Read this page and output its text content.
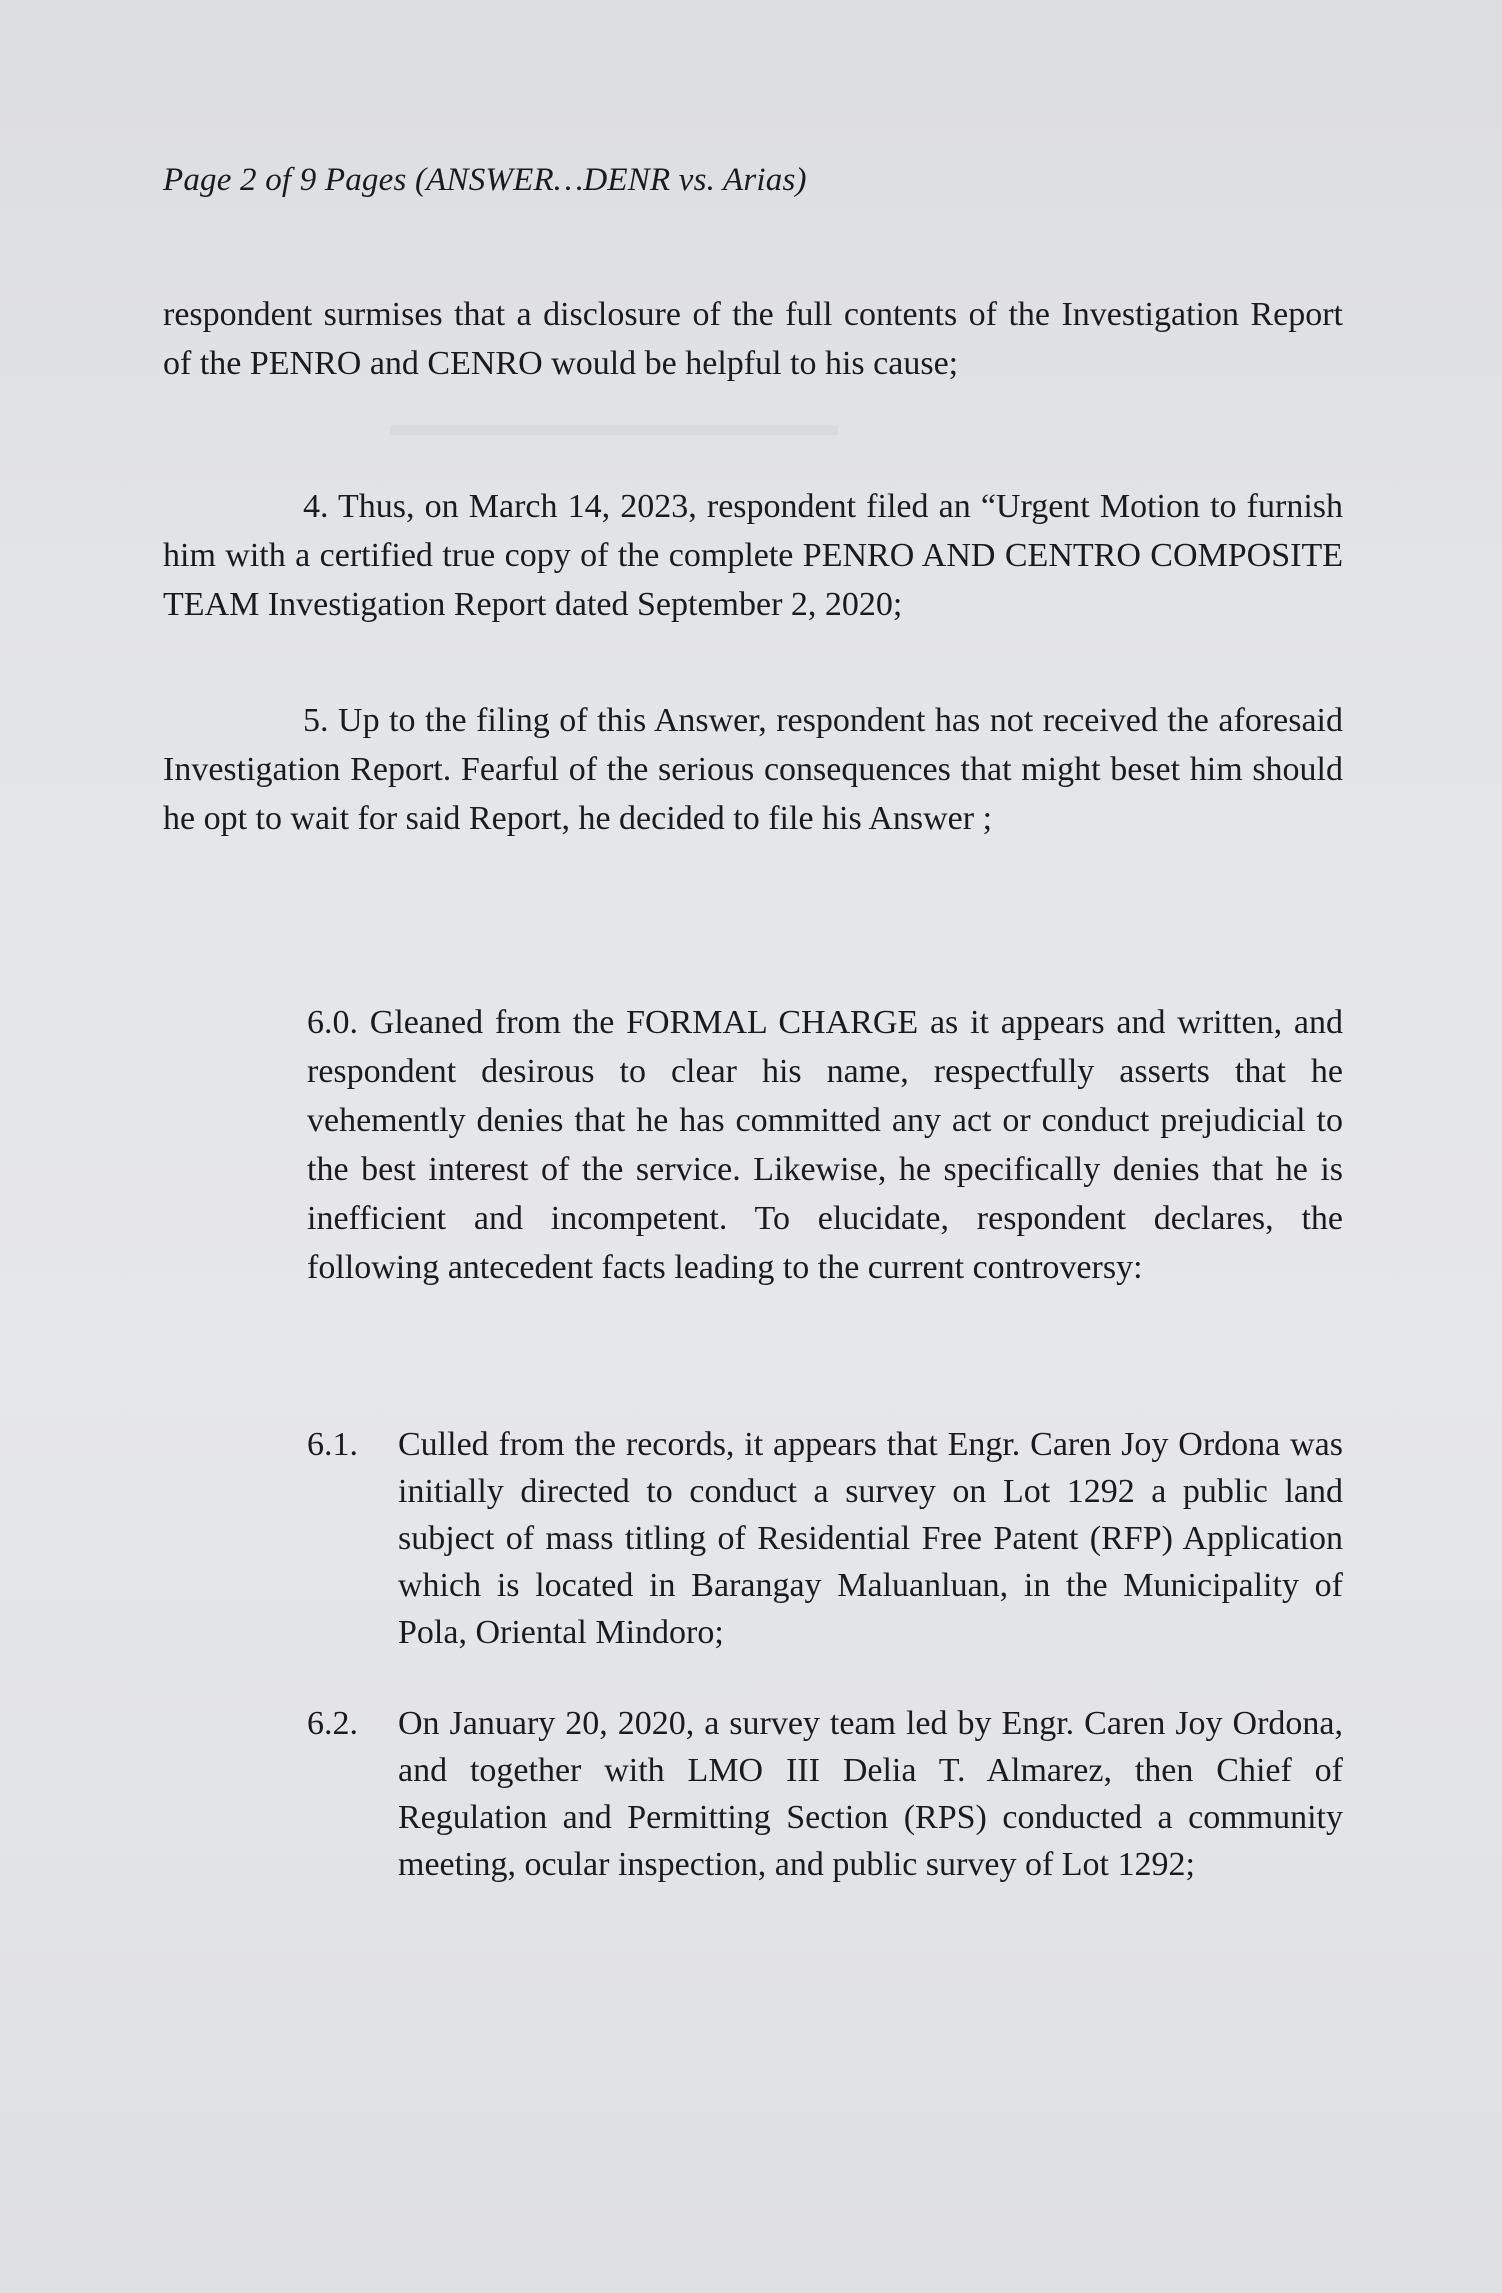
▬▬▬▬▬▬▬▬▬▬▬▬▬▬
Page 2 of 9 Pages (ANSWER…DENR vs. Arias)
respondent surmises that a disclosure of the full contents of the Investigation Report of the PENRO and CENRO would be helpful to his cause;
4. Thus, on March 14, 2023, respondent filed an “Urgent Motion to furnish him with a certified true copy of the complete PENRO AND CENTRO COMPOSITE TEAM Investigation Report dated September 2, 2020;
5. Up to the filing of this Answer, respondent has not received the aforesaid Investigation Report. Fearful of the serious consequences that might beset him should he opt to wait for said Report, he decided to file his Answer ;
6.0. Gleaned from the FORMAL CHARGE as it appears and written, and respondent desirous to clear his name, respectfully asserts that he vehemently denies that he has committed any act or conduct prejudicial to the best interest of the service. Likewise, he specifically denies that he is inefficient and incompetent. To elucidate, respondent declares, the following antecedent facts leading to the current controversy:
6.1.	Culled from the records, it appears that Engr. Caren Joy Ordona was initially directed to conduct a survey on Lot 1292 a public land subject of mass titling of Residential Free Patent (RFP) Application which is located in Barangay Maluanluan, in the Municipality of Pola, Oriental Mindoro;
6.2.	On January 20, 2020, a survey team led by Engr. Caren Joy Ordona, and together with LMO III Delia T. Almarez, then Chief of Regulation and Permitting Section (RPS) conducted a community meeting, ocular inspection, and public survey of Lot 1292;
